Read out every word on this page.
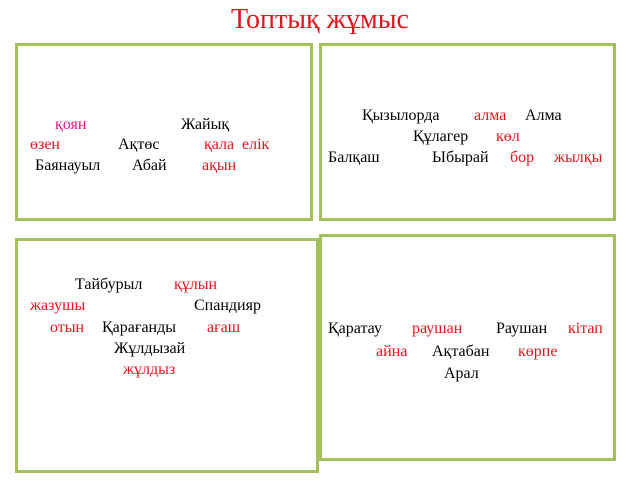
Топтық жұмыс
қоян	Жайық
өзен	Ақтөс	қала елік
Баянауыл Абай ақын
Қызылорда алма Алма
Құлагер көл
Балқаш	Ыбырай бор жылқы
Тайбурыл құлын
жазушы	Спандияр
отын Қарағанды ағаш
Жұлдызай
жұлдыз
Қаратау раушан Раушан кітап
айна Ақтабан көрпе
Арал
